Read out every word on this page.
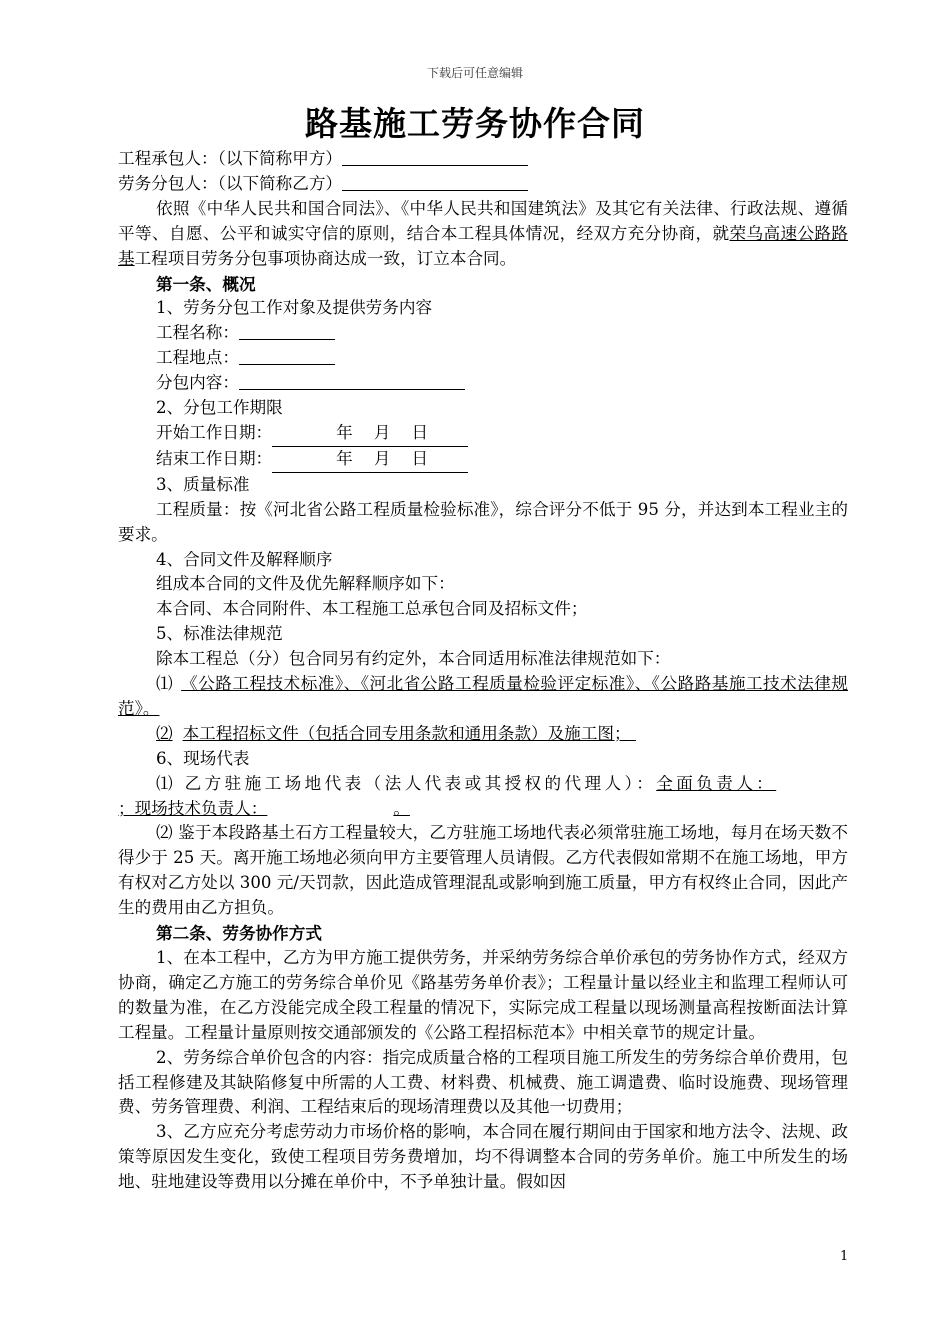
下载后可任意编辑
路基施工劳务协作合同

工程承包人：（以下简称甲方）

劳务分包人：（以下简称乙方）

依照《中华人民共和国合同法》、《中华人民共和国建筑法》及其它有关法律、行政法规、遵循平等、自愿、公平和诚实守信的原则，结合本工程具体情况，经双方充分协商，就荣乌高速公路路基工程项目劳务分包事项协商达成一致，订立本合同。

第一条、概况

1、劳务分包工作对象及提供劳务内容

工程名称：

工程地点：

分包内容：

2、分包工作期限

开始工作日期：	年    月    日

结束工作日期：	年    月    日

3、质量标准

工程质量：按《河北省公路工程质量检验标准》，综合评分不低于 95 分，并达到本工程业主的要求。

4、合同文件及解释顺序

组成本合同的文件及优先解释顺序如下：

本合同、本合同附件、本工程施工总承包合同及招标文件；

5、标准法律规范

除本工程总（分）包合同另有约定外，本合同适用标准法律规范如下：

⑴ 《公路工程技术标准》、《河北省公路工程质量检验评定标准》、《公路路基施工技术法律规范》。

⑵ 本工程招标文件（包括合同专用条款和通用条款）及施工图；

6、现场代表

⑴ 乙方驻施工场地代表（法人代表或其授权的代理人）：全面负责人：

；现场技术负责人：	。

⑵ 鉴于本段路基土石方工程量较大，乙方驻施工场地代表必须常驻施工场地，每月在场天数不得少于 25 天。离开施工场地必须向甲方主要管理人员请假。乙方代表假如常期不在施工场地，甲方有权对乙方处以 300 元/天罚款，因此造成管理混乱或影响到施工质量，甲方有权终止合同，因此产生的费用由乙方担负。

第二条、劳务协作方式

1、在本工程中，乙方为甲方施工提供劳务，并采纳劳务综合单价承包的劳务协作方式，经双方协商，确定乙方施工的劳务综合单价见《路基劳务单价表》；工程量计量以经业主和监理工程师认可的数量为准，在乙方没能完成全段工程量的情况下，实际完成工程量以现场测量高程按断面法计算工程量。工程量计量原则按交通部颁发的《公路工程招标范本》中相关章节的规定计量。

2、劳务综合单价包含的内容：指完成质量合格的工程项目施工所发生的劳务综合单价费用，包括工程修建及其缺陷修复中所需的人工费、材料费、机械费、施工调遣费、临时设施费、现场管理费、劳务管理费、利润、工程结束后的现场清理费以及其他一切费用；

3、乙方应充分考虑劳动力市场价格的影响，本合同在履行期间由于国家和地方法令、法规、政策等原因发生变化，致使工程项目劳务费增加，均不得调整本合同的劳务单价。施工中所发生的场地、驻地建设等费用以分摊在单价中，不予单独计量。假如因

1
